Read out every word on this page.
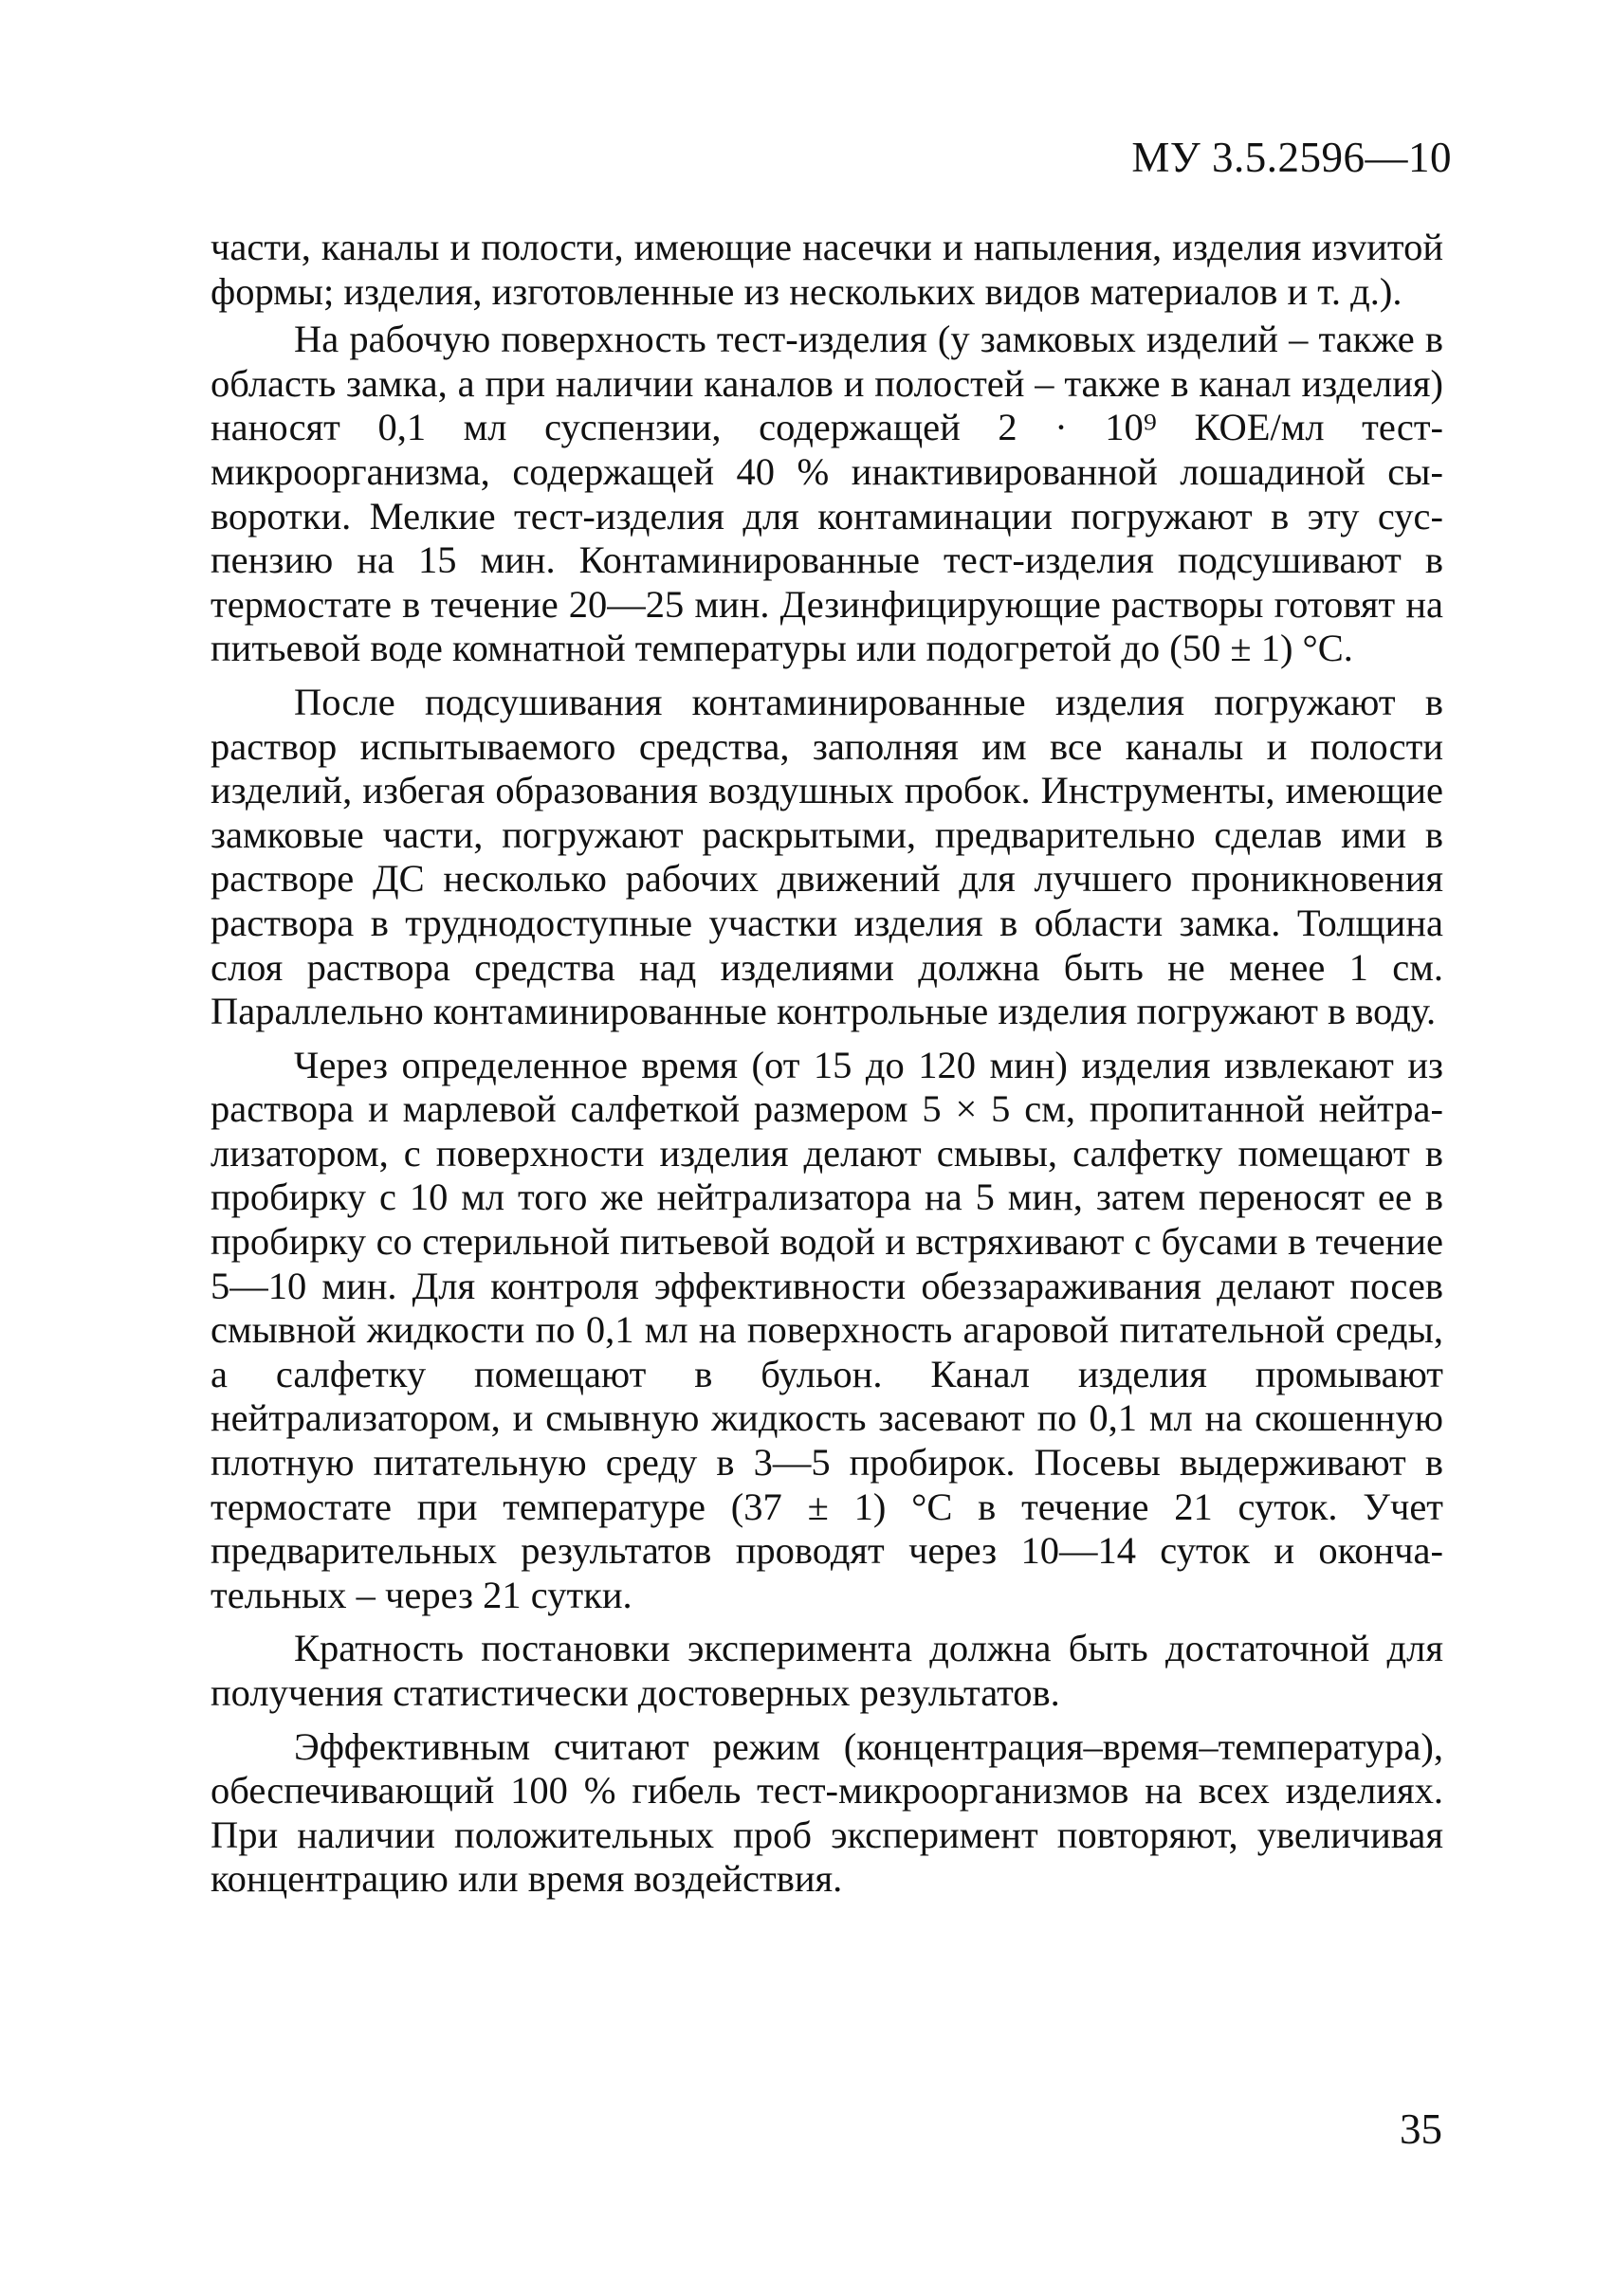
МУ 3.5.2596—10

части, каналы и полости, имеющие насечки и напыления, изделия изvитой формы; изделия, изготовленные из нескольких видов материалов и т. д.).

На рабочую поверхность тест-изделия (у замковых изделий – также в область замка, а при наличии каналов и полостей – также в канал изделия) наносят 0,1 мл суспензии, содержащей 2 · 10⁹ КОЕ/мл тест-микроорганизма, содержащей 40 % инактивированной лошадиной сыворотки. Мелкие тест-изделия для контаминации погружают в эту суспензию на 15 мин. Контаминированные тест-изделия подсушивают в термостате в течение 20—25 мин. Дезинфицирующие растворы готовят на питьевой воде комнатной температуры или подогретой до (50 ± 1) °С.

После подсушивания контаминированные изделия погружают в раствор испытываемого средства, заполняя им все каналы и полости изделий, избегая образования воздушных пробок. Инструменты, имеющие замковые части, погружают раскрытыми, предварительно сделав ими в растворе ДС несколько рабочих движений для лучшего проникновения раствора в труднодоступные участки изделия в области замка. Толщина слоя раствора средства над изделиями должна быть не менее 1 см. Параллельно контаминированные контрольные изделия погружают в воду.

Через определенное время (от 15 до 120 мин) изделия извлекают из раствора и марлевой салфеткой размером 5 × 5 см, пропитанной нейтрализатором, с поверхности изделия делают смывы, салфетку помещают в пробирку с 10 мл того же нейтрализатора на 5 мин, затем переносят ее в пробирку со стерильной питьевой водой и встряхивают с бусами в течение 5—10 мин. Для контроля эффективности обеззараживания делают посев смывной жидкости по 0,1 мл на поверхность агаровой питательной среды, а салфетку помещают в бульон. Канал изделия промывают нейтрализатором, и смывную жидкость засевают по 0,1 мл на скошенную плотную питательную среду в 3—5 пробирок. Посевы выдерживают в термостате при температуре (37 ± 1) °С в течение 21 суток. Учет предварительных результатов проводят через 10—14 суток и окончательных – через 21 сутки.

Кратность постановки эксперимента должна быть достаточной для получения статистически достоверных результатов.

Эффективным считают режим (концентрация–время–температура), обеспечивающий 100 % гибель тест-микроорганизмов на всех изделиях. При наличии положительных проб эксперимент повторяют, увеличивая концентрацию или время воздействия.

35
